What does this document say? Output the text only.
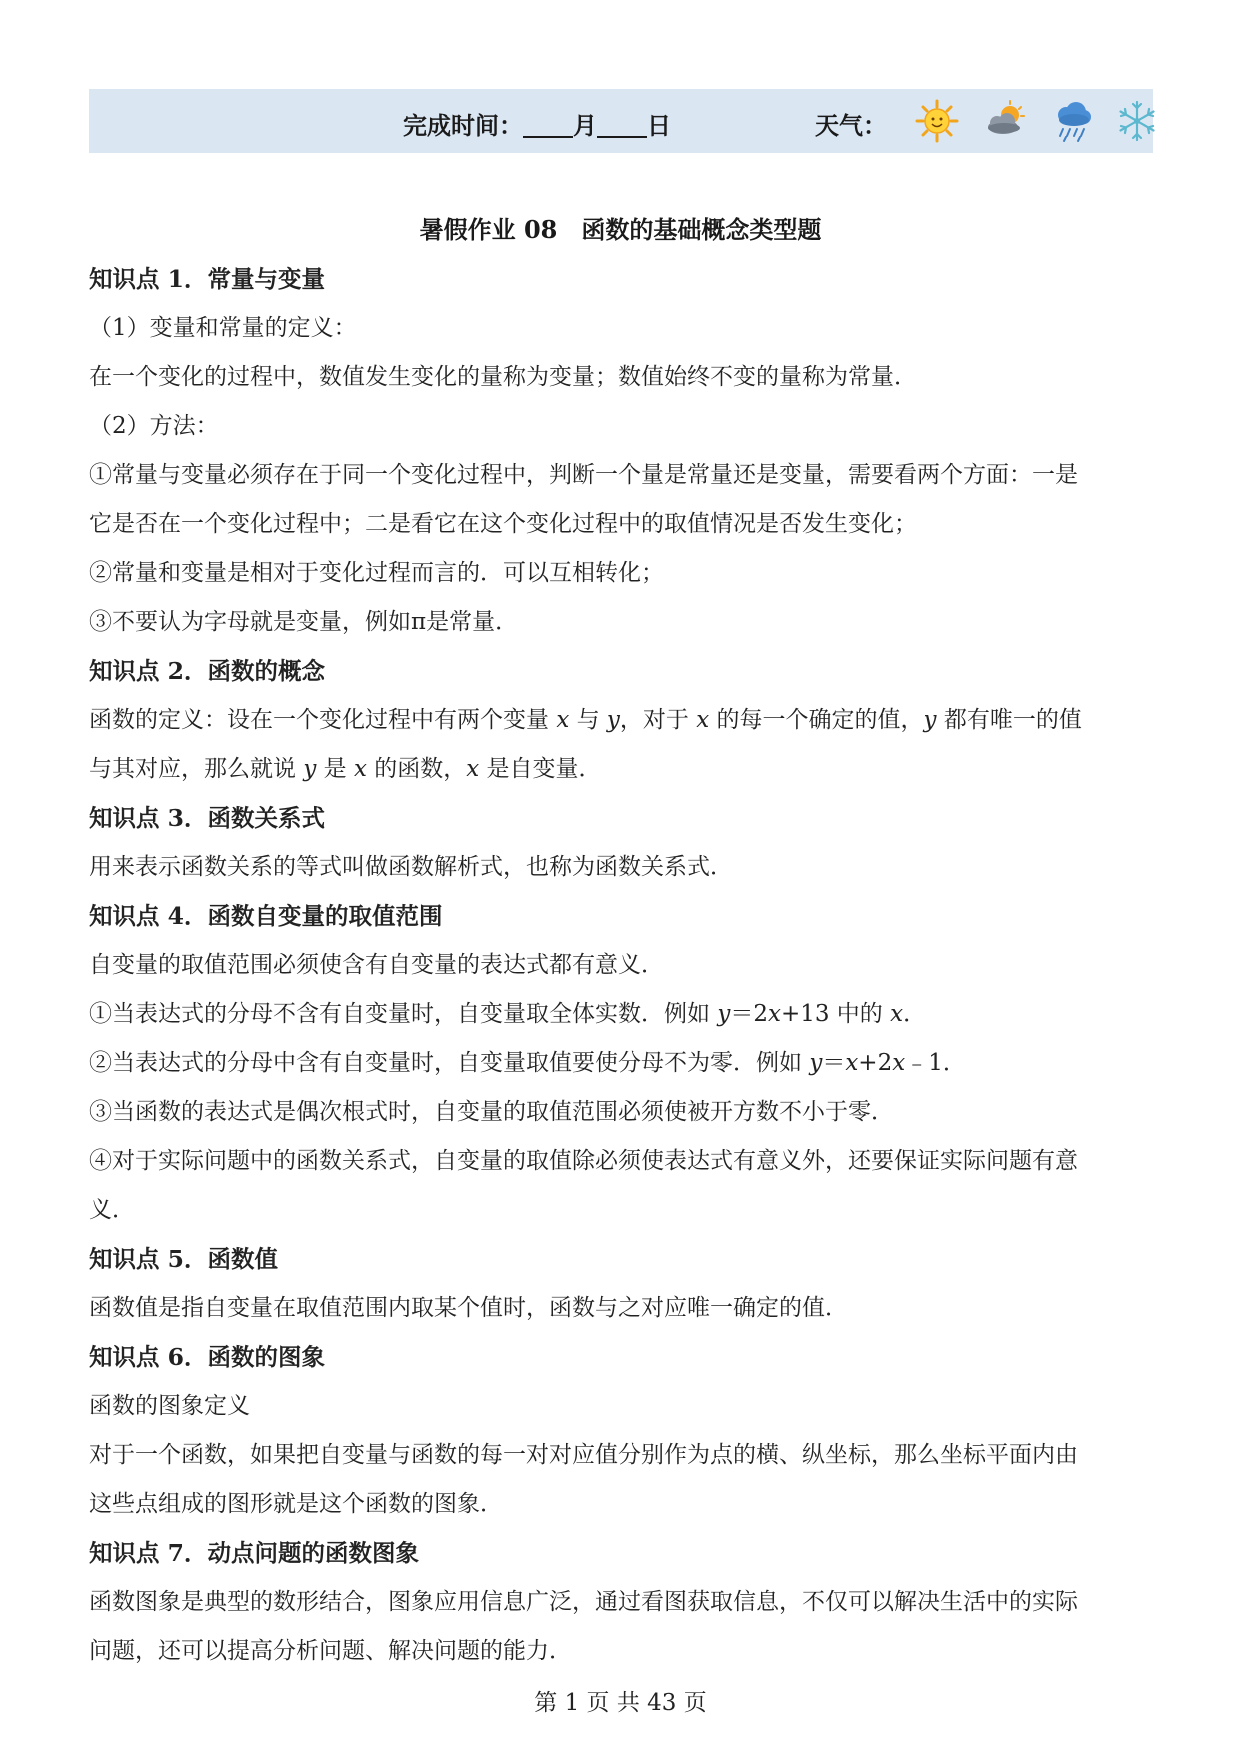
完成时间： 月 日	天气：
暑假作业 08　函数的基础概念类型题
知识点 1．常量与变量
（1）变量和常量的定义：
在一个变化的过程中，数值发生变化的量称为变量；数值始终不变的量称为常量．
（2）方法：
①常量与变量必须存在于同一个变化过程中，判断一个量是常量还是变量，需要看两个方面：一是
它是否在一个变化过程中；二是看它在这个变化过程中的取值情况是否发生变化；
②常量和变量是相对于变化过程而言的．可以互相转化；
③不要认为字母就是变量，例如π是常量．
知识点 2．函数的概念
函数的定义：设在一个变化过程中有两个变量 x 与 y，对于 x 的每一个确定的值，y 都有唯一的值
与其对应，那么就说 y 是 x 的函数，x 是自变量．
知识点 3．函数关系式
用来表示函数关系的等式叫做函数解析式，也称为函数关系式．
知识点 4．函数自变量的取值范围
自变量的取值范围必须使含有自变量的表达式都有意义．
①当表达式的分母不含有自变量时，自变量取全体实数．例如 y＝2x+13 中的 x．
②当表达式的分母中含有自变量时，自变量取值要使分母不为零．例如 y＝x+2x﹣1．
③当函数的表达式是偶次根式时，自变量的取值范围必须使被开方数不小于零．
④对于实际问题中的函数关系式，自变量的取值除必须使表达式有意义外，还要保证实际问题有意
义．
知识点 5．函数值
函数值是指自变量在取值范围内取某个值时，函数与之对应唯一确定的值．
知识点 6．函数的图象
函数的图象定义
对于一个函数，如果把自变量与函数的每一对对应值分别作为点的横、纵坐标，那么坐标平面内由
这些点组成的图形就是这个函数的图象．
知识点 7．动点问题的函数图象
函数图象是典型的数形结合，图象应用信息广泛，通过看图获取信息，不仅可以解决生活中的实际
问题，还可以提高分析问题、解决问题的能力．
第 1 页 共 43 页
